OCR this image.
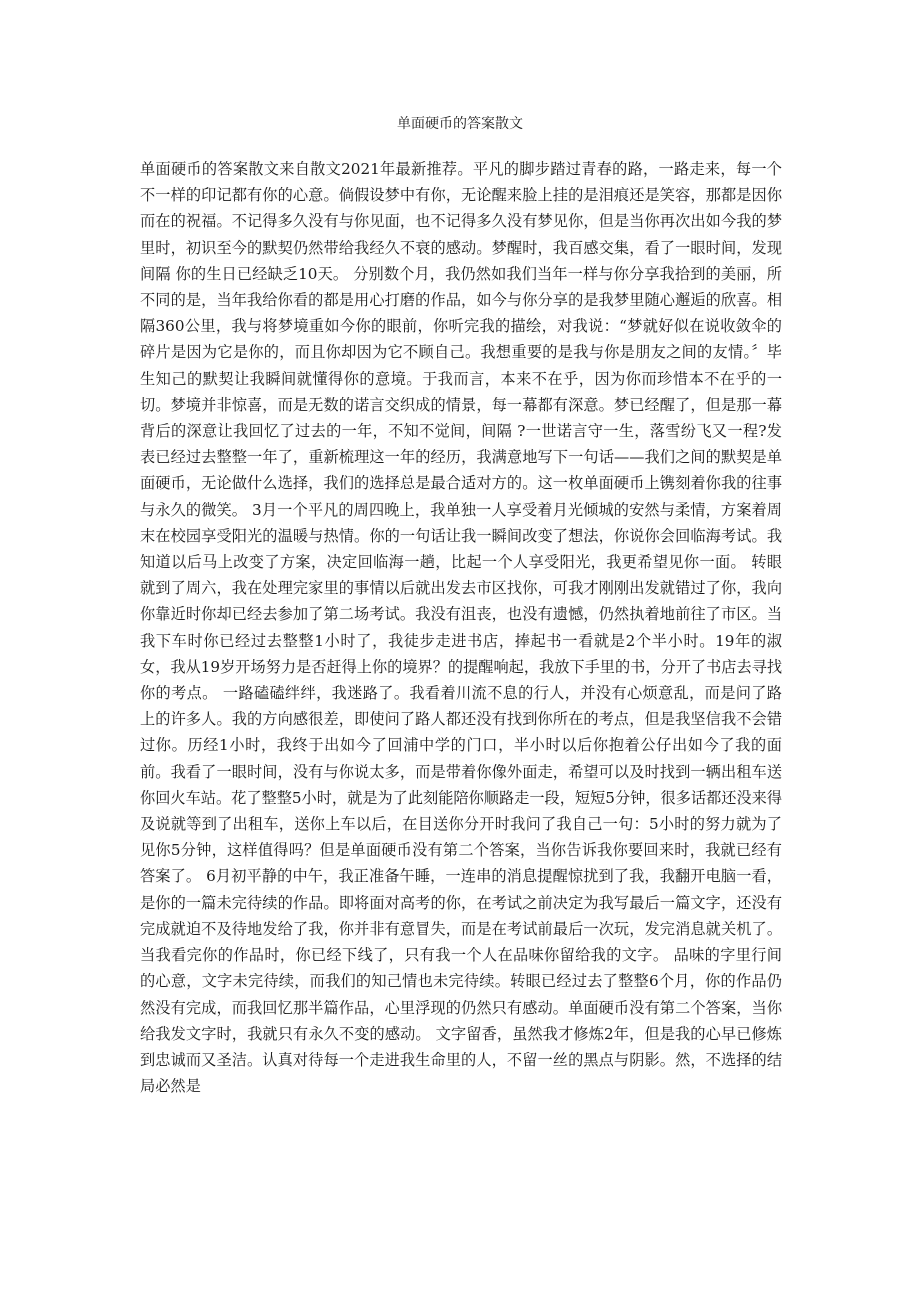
单面硬币的答案散文

单面硬币的答案散文来自散文2021年最新推荐。平凡的脚步踏过青春的路，一路走来，每一个不一样的印记都有你的心意。倘假设梦中有你，无论醒来脸上挂的是泪痕还是笑容，那都是因你而在的祝福。不记得多久没有与你见面，也不记得多久没有梦见你，但是当你再次出如今我的梦里时，初识至今的默契仍然带给我经久不衰的感动。梦醒时，我百感交集，看了一眼时间，发现间隔 你的生日已经缺乏10天。 分别数个月，我仍然如我们当年一样与你分享我拾到的美丽，所不同的是，当年我给你看的都是用心打磨的作品，如今与你分享的是我梦里随心邂逅的欣喜。相隔360公里，我与将梦境重如今你的眼前，你听完我的描绘，对我说：“梦就好似在说收敛伞的碎片是因为它是你的，而且你却因为它不顾自己。我想重要的是我与你是朋友之间的友情。〞毕生知己的默契让我瞬间就懂得你的意境。于我而言，本来不在乎，因为你而珍惜本不在乎的一切。梦境并非惊喜，而是无数的诺言交织成的情景，每一幕都有深意。梦已经醒了，但是那一幕背后的深意让我回忆了过去的一年，不知不觉间，间隔 ?一世诺言守一生，落雪纷飞又一程?发表已经过去整整一年了，重新梳理这一年的经历，我满意地写下一句话——我们之间的默契是单面硬币，无论做什么选择，我们的选择总是最合适对方的。这一枚单面硬币上镌刻着你我的往事与永久的微笑。 3月一个平凡的周四晚上，我单独一人享受着月光倾城的安然与柔情，方案着周末在校园享受阳光的温暖与热情。你的一句话让我一瞬间改变了想法，你说你会回临海考试。我知道以后马上改变了方案，决定回临海一趟，比起一个人享受阳光，我更希望见你一面。 转眼就到了周六，我在处理完家里的事情以后就出发去市区找你，可我才刚刚出发就错过了你，我向你靠近时你却已经去参加了第二场考试。我没有沮丧，也没有遗憾，仍然执着地前往了市区。当我下车时你已经过去整整1小时了，我徒步走进书店，捧起书一看就是2个半小时。19年的淑女，我从19岁开场努力是否赶得上你的境界？的提醒响起，我放下手里的书，分开了书店去寻找你的考点。 一路磕磕绊绊，我迷路了。我看着川流不息的行人，并没有心烦意乱，而是问了路上的许多人。我的方向感很差，即使问了路人都还没有找到你所在的考点，但是我坚信我不会错过你。历经1小时，我终于出如今了回浦中学的门口，半小时以后你抱着公仔出如今了我的面前。我看了一眼时间，没有与你说太多，而是带着你像外面走，希望可以及时找到一辆出租车送你回火车站。花了整整5小时，就是为了此刻能陪你顺路走一段，短短5分钟，很多话都还没来得及说就等到了出租车，送你上车以后，在目送你分开时我问了我自己一句：5小时的努力就为了见你5分钟，这样值得吗？但是单面硬币没有第二个答案，当你告诉我你要回来时，我就已经有答案了。 6月初平静的中午，我正准备午睡，一连串的消息提醒惊扰到了我，我翻开电脑一看，是你的一篇未完待续的作品。即将面对高考的你，在考试之前决定为我写最后一篇文字，还没有完成就迫不及待地发给了我，你并非有意冒失，而是在考试前最后一次玩，发完消息就关机了。当我看完你的作品时，你已经下线了，只有我一个人在品味你留给我的文字。 品味的字里行间的心意，文字未完待续，而我们的知己情也未完待续。转眼已经过去了整整6个月，你的作品仍然没有完成，而我回忆那半篇作品，心里浮现的仍然只有感动。单面硬币没有第二个答案，当你给我发文字时，我就只有永久不变的感动。 文字留香，虽然我才修炼2年，但是我的心早已修炼到忠诚而又圣洁。认真对待每一个走进我生命里的人，不留一丝的黑点与阴影。然，不选择的结局必然是
